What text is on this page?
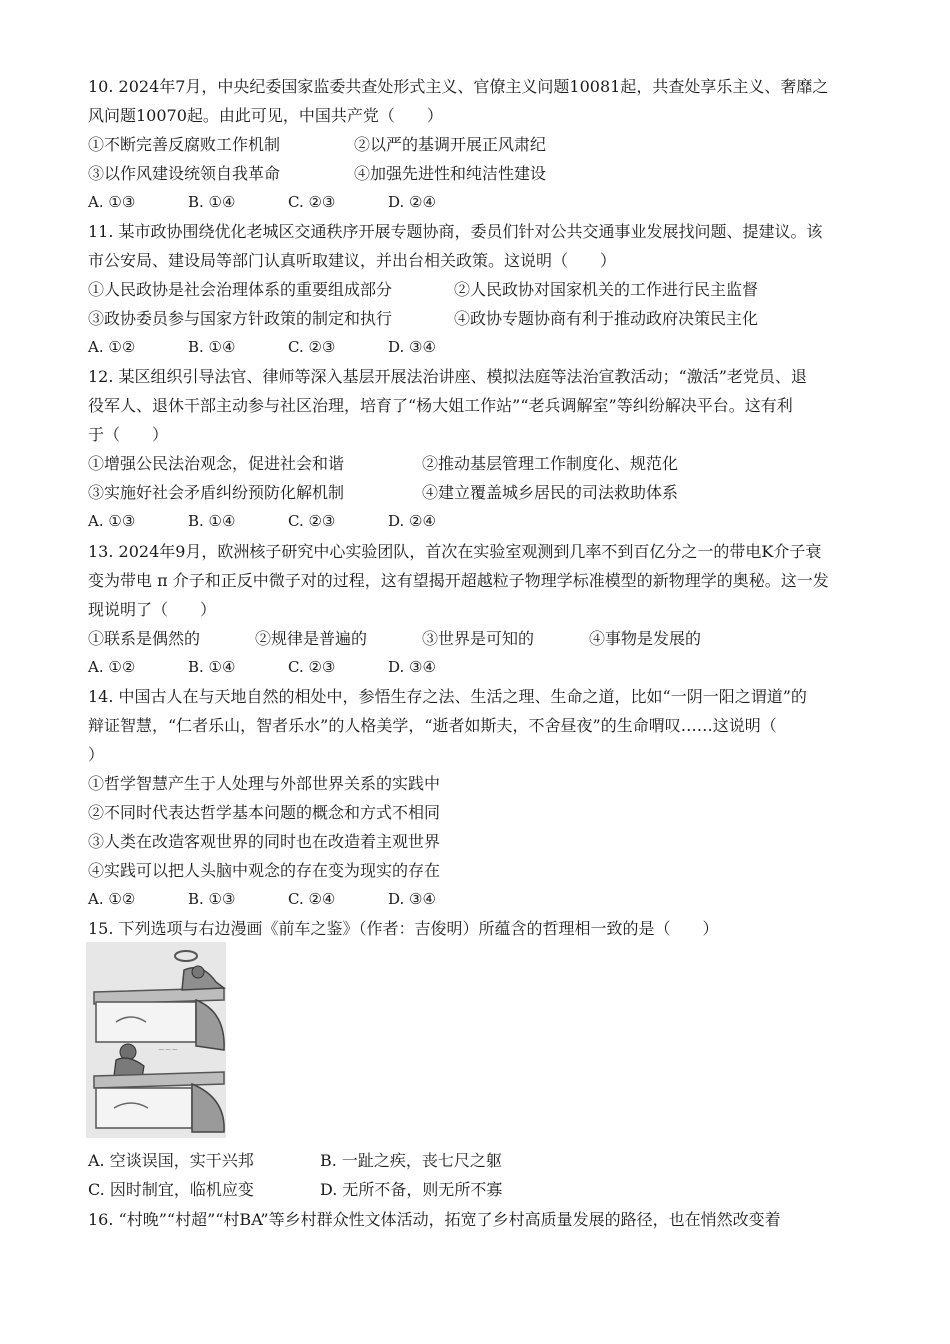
10. 2024年7月，中央纪委国家监委共查处形式主义、官僚主义问题10081起，共查处享乐主义、奢靡之
风问题10070起。由此可见，中国共产党（　　）
①不断完善反腐败工作机制	②以严的基调开展正风肃纪
③以作风建设统领自我革命	④加强先进性和纯洁性建设
A. ①③	B. ①④	C. ②③	D. ②④
11. 某市政协围绕优化老城区交通秩序开展专题协商，委员们针对公共交通事业发展找问题、提建议。该
市公安局、建设局等部门认真听取建议，并出台相关政策。这说明（　　）
①人民政协是社会治理体系的重要组成部分	②人民政协对国家机关的工作进行民主监督
③政协委员参与国家方针政策的制定和执行	④政协专题协商有利于推动政府决策民主化
A. ①②	B. ①④	C. ②③	D. ③④
12. 某区组织引导法官、律师等深入基层开展法治讲座、模拟法庭等法治宣教活动；“激活”老党员、退
役军人、退休干部主动参与社区治理，培育了“杨大姐工作站”“老兵调解室”等纠纷解决平台。这有利
于（　　）
①增强公民法治观念，促进社会和谐	②推动基层管理工作制度化、规范化
③实施好社会矛盾纠纷预防化解机制	④建立覆盖城乡居民的司法救助体系
A. ①③	B. ①④	C. ②③	D. ②④
13. 2024年9月，欧洲核子研究中心实验团队，首次在实验室观测到几率不到百亿分之一的带电K介子衰
变为带电 π 介子和正反中微子对的过程，这有望揭开超越粒子物理学标准模型的新物理学的奥秘。这一发
现说明了（　　）
①联系是偶然的	②规律是普遍的	③世界是可知的	④事物是发展的
A. ①②	B. ①④	C. ②③	D. ③④
14. 中国古人在与天地自然的相处中，参悟生存之法、生活之理、生命之道，比如“一阴一阳之谓道”的
辩证智慧，“仁者乐山，智者乐水”的人格美学，“逝者如斯夫，不舍昼夜”的生命喟叹……这说明（
）
①哲学智慧产生于人处理与外部世界关系的实践中
②不同时代表达哲学基本问题的概念和方式不相同
③人类在改造客观世界的同时也在改造着主观世界
④实践可以把人头脑中观念的存在变为现实的存在
A. ①②	B. ①③	C. ②④	D. ③④
15. 下列选项与右边漫画《前车之鉴》（作者：吉俊明）所蕴含的哲理相一致的是（　　）
~~~
A. 空谈误国，实干兴邦	B. 一趾之疾，丧七尺之躯
C. 因时制宜，临机应变	D. 无所不备，则无所不寡
16. “村晚”“村超”“村BA”等乡村群众性文体活动，拓宽了乡村高质量发展的路径，也在悄然改变着
